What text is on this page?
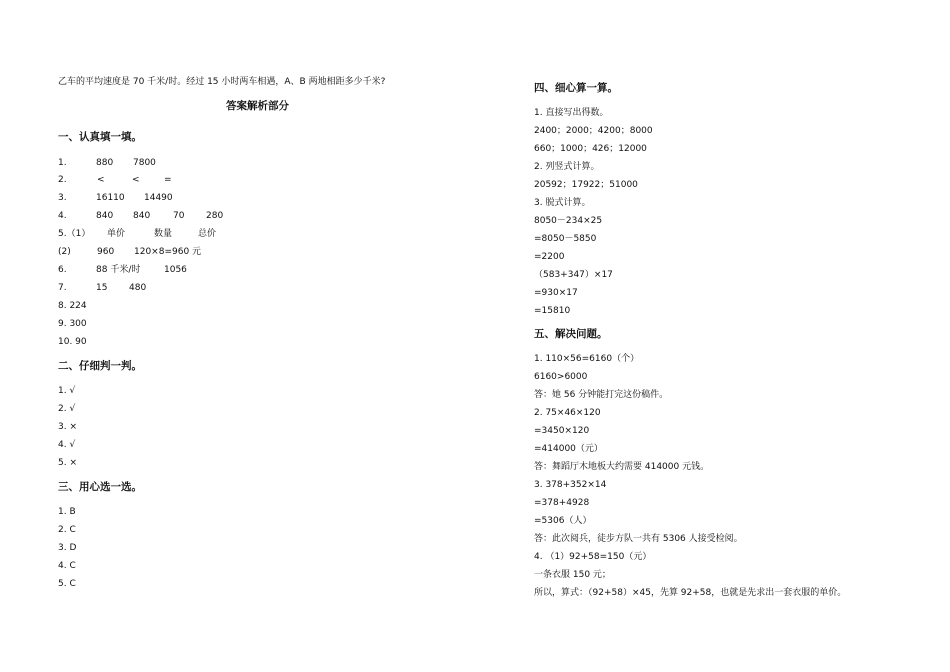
乙车的平均速度是 70 千米/时。经过 15 小时两车相遇，A、B 两地相距多少千米?
答案解析部分
一、认真填一填。
1.	880 7800
2.	<	<	=
3.	16110 14490
4.	840 840	70 280
5.（1） 单价	数量	总价
(2)	960 120×8=960 元
6.	88 千米/时	1056
7.	15 480
8. 224
9. 300
10. 90
二、仔细判一判。
1. √
2. √
3. ×
4. √
5. ×
三、用心选一选。
1. B
2. C
3. D
4. C
5. C
四、细心算一算。
1. 直接写出得数。
2400；2000；4200；8000
660；1000；426；12000
2. 列竖式计算。
20592；17922；51000
3. 脱式计算。
8050－234×25
=8050－5850
=2200
（583+347）×17
=930×17
=15810
五、解决问题。
1. 110×56=6160（个）
6160>6000
答：她 56 分钟能打完这份稿件。
2. 75×46×120
=3450×120
=414000（元）
答：舞蹈厅木地板大约需要 414000 元钱。
3. 378+352×14
=378+4928
=5306（人）
答：此次阅兵，徒步方队一共有 5306 人接受检阅。
4. （1）92+58=150（元）
一条衣服 150 元；
所以，算式：（92+58）×45，先算 92+58，也就是先求出一套衣服的单价。
